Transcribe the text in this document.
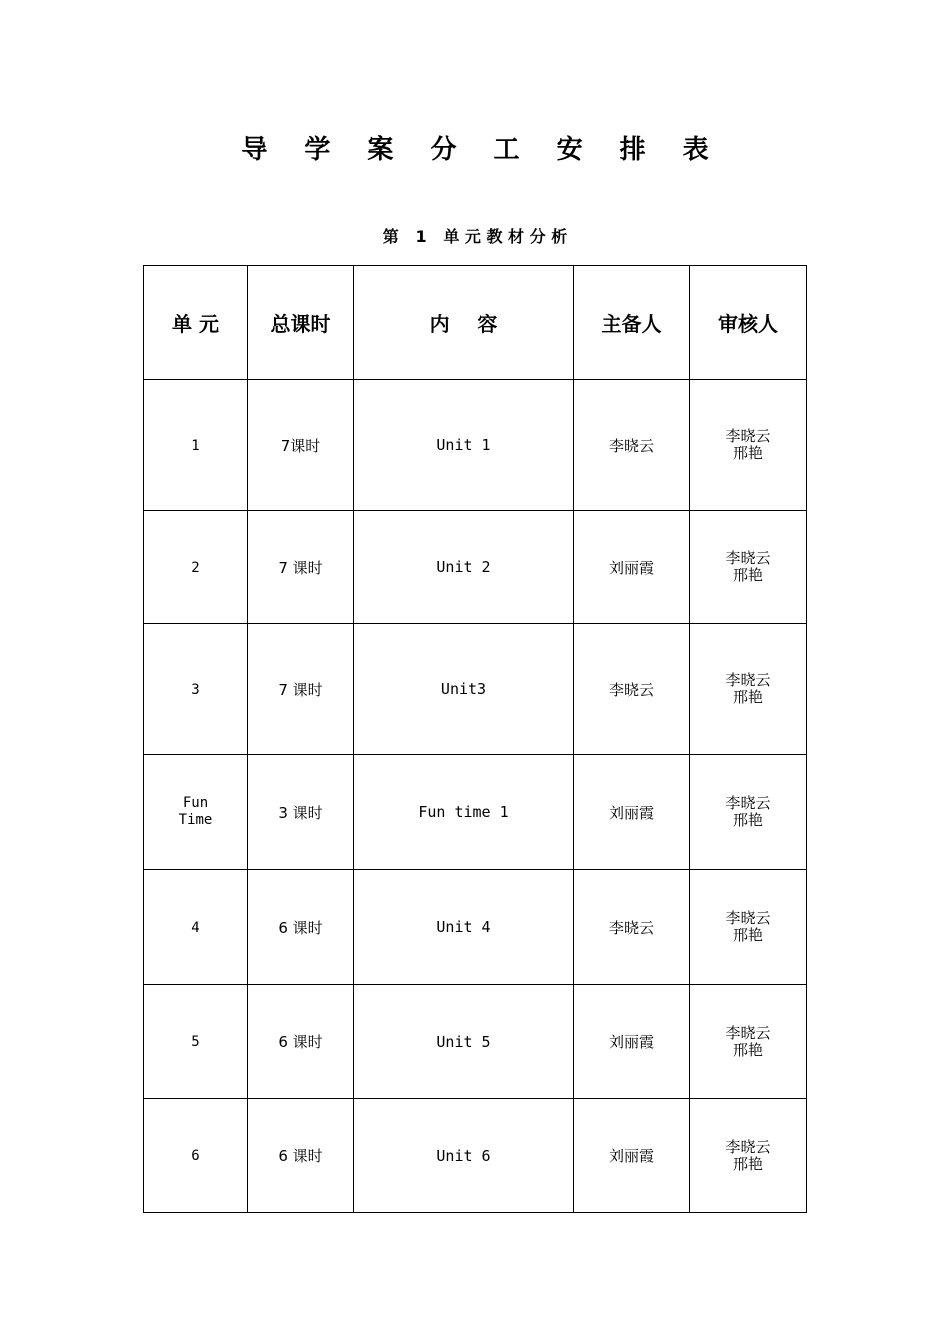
导 学 案 分 工 安 排 表
第   1   单 元 教 材 分 析
单 元	总课时	内    容	主备人	审核人
1	7课时	Unit 1	李晓云	李晓云
邢艳
2	7 课时	Unit 2	刘丽霞	李晓云
邢艳
3	7 课时	Unit3	李晓云	李晓云
邢艳
Fun
Time	3 课时	Fun time 1	刘丽霞	李晓云
邢艳
4	6 课时	Unit 4	李晓云	李晓云
邢艳
5	6 课时	Unit 5	刘丽霞	李晓云
邢艳
6	6 课时	Unit 6	刘丽霞	李晓云
邢艳
